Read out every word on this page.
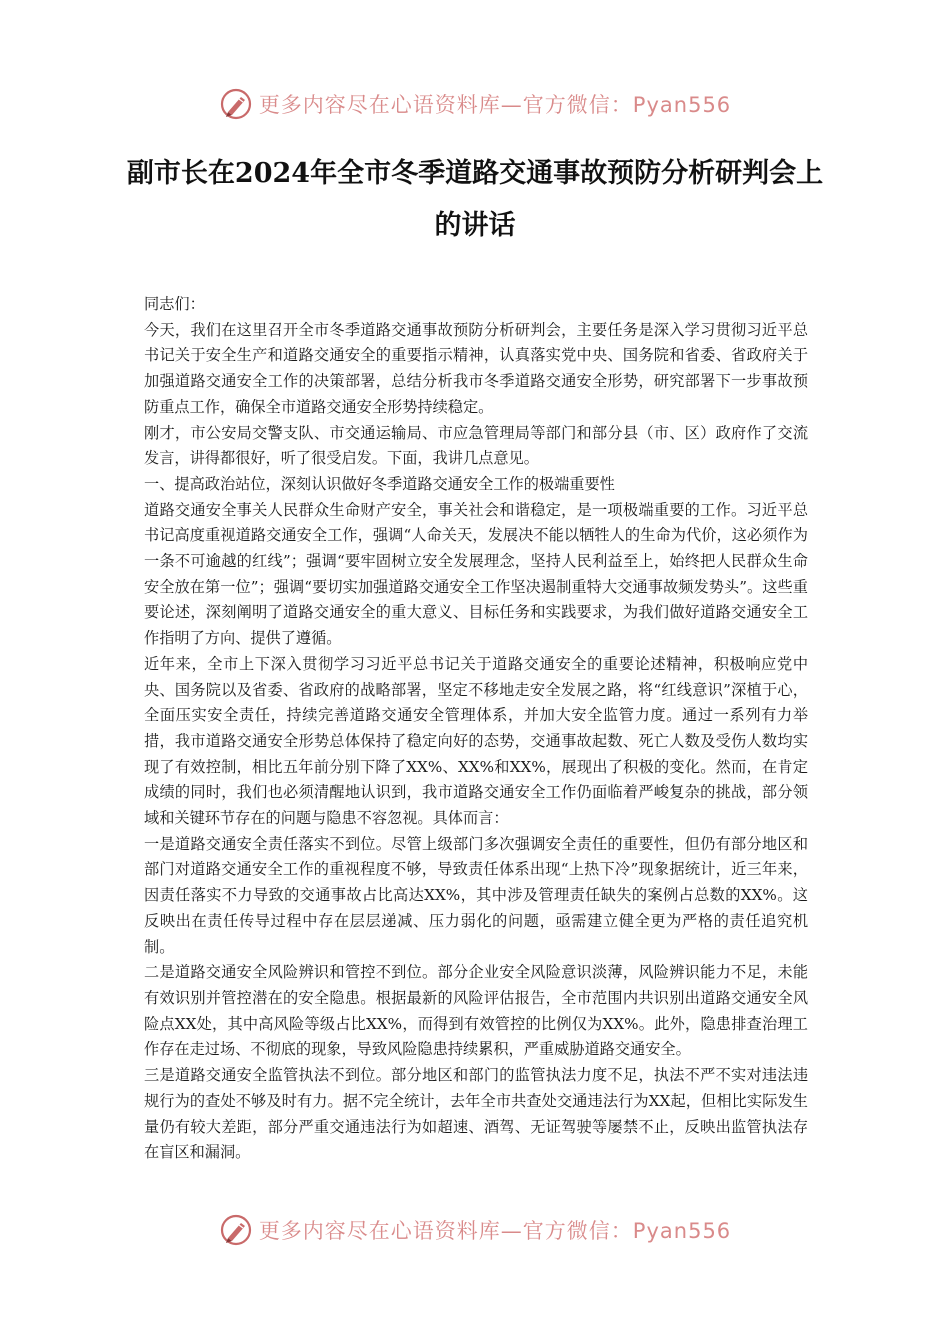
更多内容尽在心语资料库—官方微信：Pyan556
副市长在2024年全市冬季道路交通事故预防分析研判会上的讲话

同志们：

今天，我们在这里召开全市冬季道路交通事故预防分析研判会，主要任务是深入学习贯彻习近平总书记关于安全生产和道路交通安全的重要指示精神，认真落实党中央、国务院和省委、省政府关于加强道路交通安全工作的决策部署，总结分析我市冬季道路交通安全形势，研究部署下一步事故预防重点工作，确保全市道路交通安全形势持续稳定。

刚才，市公安局交警支队、市交通运输局、市应急管理局等部门和部分县（市、区）政府作了交流发言，讲得都很好，听了很受启发。下面，我讲几点意见。

一、提高政治站位，深刻认识做好冬季道路交通安全工作的极端重要性

道路交通安全事关人民群众生命财产安全，事关社会和谐稳定，是一项极端重要的工作。习近平总书记高度重视道路交通安全工作，强调“人命关天，发展决不能以牺牲人的生命为代价，这必须作为一条不可逾越的红线”；强调“要牢固树立安全发展理念，坚持人民利益至上，始终把人民群众生命安全放在第一位”；强调“要切实加强道路交通安全工作坚决遏制重特大交通事故频发势头”。这些重要论述，深刻阐明了道路交通安全的重大意义、目标任务和实践要求，为我们做好道路交通安全工作指明了方向、提供了遵循。

近年来，全市上下深入贯彻学习习近平总书记关于道路交通安全的重要论述精神，积极响应党中央、国务院以及省委、省政府的战略部署，坚定不移地走安全发展之路，将“红线意识”深植于心，全面压实安全责任，持续完善道路交通安全管理体系，并加大安全监管力度。通过一系列有力举措，我市道路交通安全形势总体保持了稳定向好的态势，交通事故起数、死亡人数及受伤人数均实现了有效控制，相比五年前分别下降了XX%、XX%和XX%，展现出了积极的变化。然而，在肯定成绩的同时，我们也必须清醒地认识到，我市道路交通安全工作仍面临着严峻复杂的挑战，部分领域和关键环节存在的问题与隐患不容忽视。具体而言：

一是道路交通安全责任落实不到位。尽管上级部门多次强调安全责任的重要性，但仍有部分地区和部门对道路交通安全工作的重视程度不够，导致责任体系出现“上热下冷”现象据统计，近三年来，因责任落实不力导致的交通事故占比高达XX%，其中涉及管理责任缺失的案例占总数的XX%。这反映出在责任传导过程中存在层层递减、压力弱化的问题，亟需建立健全更为严格的责任追究机制。

二是道路交通安全风险辨识和管控不到位。部分企业安全风险意识淡薄，风险辨识能力不足，未能有效识别并管控潜在的安全隐患。根据最新的风险评估报告，全市范围内共识别出道路交通安全风险点XX处，其中高风险等级占比XX%，而得到有效管控的比例仅为XX%。此外，隐患排查治理工作存在走过场、不彻底的现象，导致风险隐患持续累积，严重威胁道路交通安全。

三是道路交通安全监管执法不到位。部分地区和部门的监管执法力度不足，执法不严不实对违法违规行为的查处不够及时有力。据不完全统计，去年全市共查处交通违法行为XX起，但相比实际发生量仍有较大差距，部分严重交通违法行为如超速、酒驾、无证驾驶等屡禁不止，反映出监管执法存在盲区和漏洞。

更多内容尽在心语资料库—官方微信：Pyan556
